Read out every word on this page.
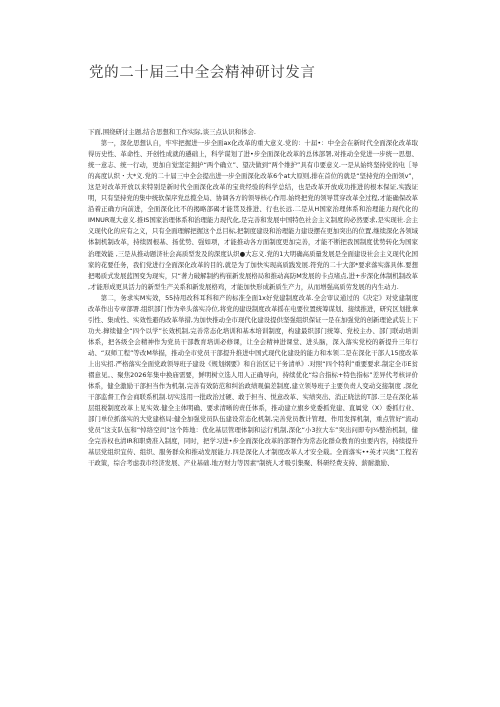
党的二十届三中全会精神研讨发言

下面,围绕研讨主题,结合思想和工作实际,谈三点认识和体会.

第一，深化思想认自，牢牢把握进一步全面ax化改革的重大意义.党的：十届•：中全会在新时代全面深化改革取得历史性、革命性、开创性成就的遴础上，科学谋划了进•步全面深化改革的总体部署,对推动全党进一步统一思想、统一意志、统一行动，更加自觉坚定拥护“两个确立”、望决做到“两个维护”具有巾要意义.一是从始终坚持党的电［导的高度认织・大*义.党的二十届三中全会提出进一步全面深化改革6个at大原则,排在首位的就是“坚持党的全面领v”，这是对改革开放以来特别是新时代全面深化改革的宝贵经验的科学总结，也是改革开放成功推进的根本保证,实践证明，只有坚持党的集中统软保序党总揽全局、协调各方的领导核心作用.始终把党的领导贯穿改革全过程,才能确保改革沿着正确方向前进，全面深化比不的揭略部碣才能贯及推进、行也长远.二是从H国家治理体系和治理能力现代化的IMNUR观大意义.推IS国家治理体系和治理能力现代化,是完善和发展中国特色社会主义制度的必然要求,是实现社.会主义现代化的应有之义，只有全面理解把握这个总目标,把制度建设和治理能力建设摆在更加突出的位置,继续深化各领域体制机制改革，持续固根基、扬优势、强如项，才能推动各方面制度更加完善，才能不断把我国制度优势转化为国家治理效能 ,三是从推动题济社会高质型发及的深度认织●大忘义.党的1大明确高质量发展是全面建设社会主义现代化国家的花要任务，我们党进行全面深化改革的目的,就是为了加快实现高质践发展.符党的二十大部*要求落实落具体.要想把喝质式发展蓝图变为现实，只“著力破解制约构崔新发展格局和推动高防M发展的卡点堵点,进+步深化体制机制改革 ,才能形成更具活力的新型生产关系和新发展格鸡，才能加快形成新质生产力，从而增强高质劳发展的内生动力.

第二，务求实M实效，55持用改科耳科和产的标准全面1x好党建制度改革.全会审议通过的《决定》对党建制度改革作出专章部署.组织部门作为牵头落实冷位,将党的建设制度改革摇在电要位置统筹谋划、接续推进，研究区划批拿引性、集成性、实效性避的改革举措,为加快推动全市现代化建设提供坚强组织保证一是在加强党的创新理论武装上下功夫.撺续健全“四个以学”长效机制,完善常态化培训和基本培训制度，构建最织部门统筹、党校主办、部门联动培训体系，把各级全会精神作为党员干部教育培训必修课，让全会精神进课堂、进头脑，深入落实党校的新提升三年行动、“双师工程”等改M举描，推动全市党员干部提升推进中国式现代化建设的能力和本领二是在深化干部人15度改革上出实招.严格落实全面党政领导班子建设《规划纲要》和自治区记干务清单》.对照“四个特利”重要要求.制定全市E贫褶意见。、聚焦2026年集中换庙需要，鲜明树立选人用人正确导向，持续优化“综合指标+特色指标”差异代考核评价体系，健全激励干部担当作为机制,完善有效防范和纠治政绩观偏差制度,建立领导班子主要负责人变动交接制度 ,深化干部监督工作会商联系机制.切实选用一批政治过硬、敢于担当、悦意改革、实绩突出、消正晓法的T部.三是在深化基层组税制度改革上见实效.健全主体明确、要求清晰的责任体系，推动建立旗乡党委抓党建、直属党（X）委抓行业、部门单位抓落实的大党建格局:健全加强党员队伍建设常态化机制,完善党员教计管理、作用发挥机制，重点管好“流动党员”这支队伍和“悼络空间”这个阵地：优化基层管理体制和运行机制,深化“小3拉大车”突出问即专J¼整治机制，健全完善权也清IR和职费准入制度，同时，把学习进•步全面深化改革的部署作为常态化群众教育的虫要内容，持续提升基层党组织宜传、组织、服务群众和推动发展能力.四是深化人才制度改革人才安全载。全面落实••英才兴奥”工程若干政策，综合考虑我市经济发展、产业基础.地方财力等因素"制统人才吸引集聚、科研经费支持、薪耐激励、
